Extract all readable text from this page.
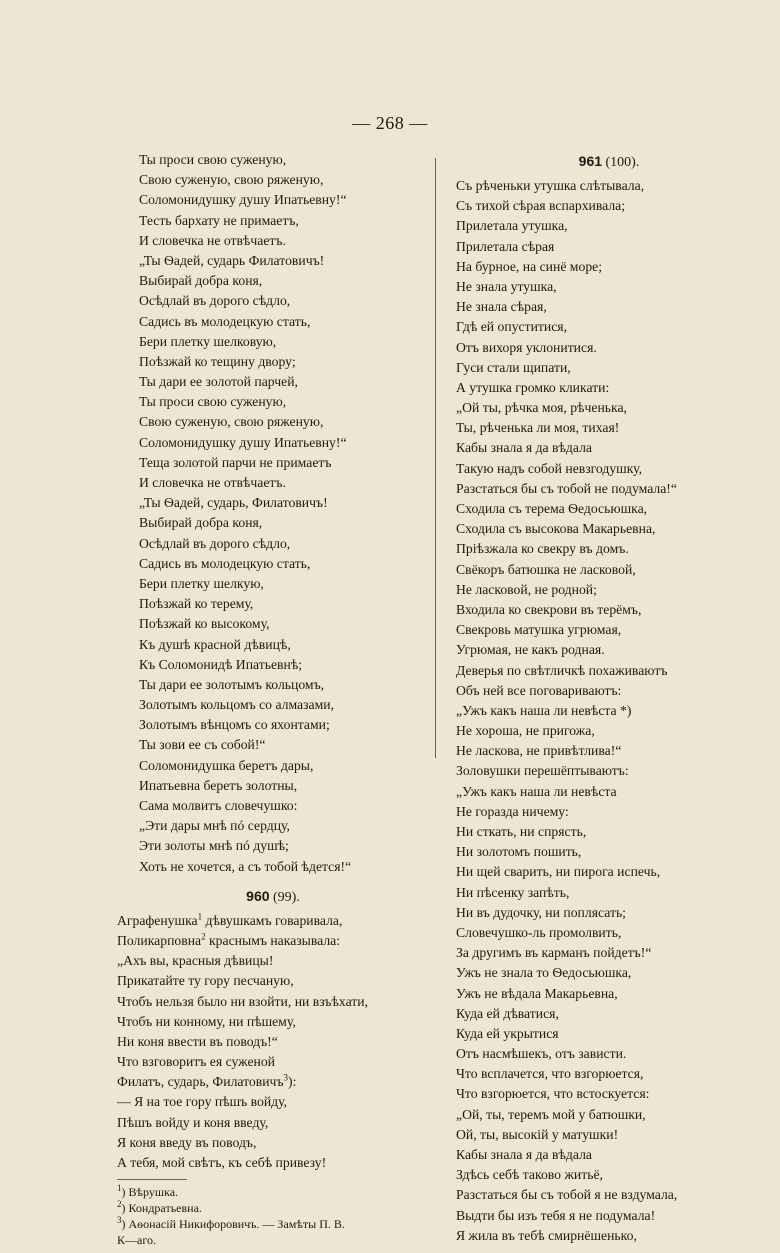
— 268 —
Ты проси свою суженую,
Свою суженую, свою ряженую,
Соломонидушку душу Ипатьевну!“
Тесть бархату не примаетъ,
И словечка не отвѣчаетъ.
„Ты Ѳадей, сударь Филатовичъ!
Выбирай добра коня,
Осѣдлай въ дорого сѣдло,
Садись въ молодецкую стать,
Бери плетку шелковую,
Поѣзжай ко тещину двору;
Ты дари ее золотой парчей,
Ты проси свою суженую,
Свою суженую, свою ряженую,
Соломонидушку душу Ипатьевну!“
Теща золотой парчи не примаетъ
И словечка не отвѣчаетъ.
„Ты Ѳадей, сударь, Филатовичъ!
Выбирай добра коня,
Осѣдлай въ дорого сѣдло,
Садись въ молодецкую стать,
Бери плетку шелкую,
Поѣзжай ко терему,
Поѣзжай ко высокому,
Къ душѣ красной дѣвицѣ,
Къ Соломонидѣ Ипатьевнѣ;
Ты дари ее золотымъ кольцомъ,
Золотымъ кольцомъ со алмазами,
Золотымъ вѣнцомъ со яхонтами;
Ты зови ее съ собой!“
Соломонидушка беретъ дары,
Ипатьевна беретъ золотны,
Сама молвитъ словечушко:
„Эти дары мнѣ пó сердцу,
Эти золоты мнѣ пó душѣ;
Хоть не хочется, а съ тобой ѣдется!“
960 (99).
Аграфенушка$^1$ дѣвушкамъ говаривала,
Поликарповна$^2$ краснымъ наказывала:
„Ахъ вы, красныя дѣвицы!
Прикатайте ту гору песчаную,
Чтобъ нельзя было ни взойти, ни взъѣхати,
Чтобъ ни конному, ни пѣшему,
Ни коня ввести въ поводъ!“
Что взговоритъ ея суженой
Филатъ, сударь, Филатовичъ$^3$):
— Я на тое гору пѣшъ войду,
Пѣшъ войду и коня введу,
Я коня введу въ поводъ,
А тебя, мой свѣтъ, къ себѣ привезу!
$^1$) Вѣрушка.
$^2$) Кондратьевна.
$^3$) Аѳонасій Никифоровичъ. — Замѣты П. В.
К—аго.
961 (100).
Съ рѣченьки утушка слѣтывала,
Съ тихой сѣрая вспархивала;
Прилетала утушка,
Прилетала сѣрая
На бурное, на синё море;
Не знала утушка,
Не знала сѣрая,
Гдѣ ей опуститися,
Отъ вихоря уклонитися.
Гуси стали щипати,
А утушка громко кликати:
„Ой ты, рѣчка моя, рѣченька,
Ты, рѣченька ли моя, тихая!
Кабы знала я да вѣдала
Такую надъ собой невзгодушку,
Разстаться бы съ тобой не подумала!“
Сходила съ терема Ѳедосьюшка,
Сходила съ высокова Макарьевна,
Пріѣзжала ко свекру въ домъ.
Свёкоръ батюшка не ласковой,
Не ласковой, не родной;
Входила ко свекрови въ терёмъ,
Свекровь матушка угрюмая,
Угрюмая, не какъ родная.
Деверья по свѣтличкѣ похаживаютъ
Объ ней все поговариваютъ:
„Ужъ какъ наша ли невѣста *)
Не хороша, не пригожа,
Не ласкова, не привѣтлива!“
Золовушки перешёптываютъ:
„Ужъ какъ наша ли невѣста
Не горазда ничему:
Ни сткать, ни спрясть,
Ни золотомъ пошить,
Ни щей сварить, ни пирога испечь,
Ни пѣсенку запѣть,
Ни въ дудочку, ни поплясать;
Словечушко-ль промолвить,
За другимъ въ карманъ пойдетъ!“
Ужъ не знала то Ѳедосьюшка,
Ужъ не вѣдала Макарьевна,
Куда ей дѣватися,
Куда ей укрытися
Отъ насмѣшекъ, отъ зависти.
Что всплачется, что взгорюется,
Что взгорюется, что встоскуется:
„Ой, ты, теремъ мой у батюшки,
Ой, ты, высокій у матушки!
Кабы знала я да вѣдала
Здѣсь себѣ таково житьё,
Разстаться бы съ тобой я не вздумала,
Выдти бы изъ тебя я не подумала!
Я жила въ тебѣ смирнёшенько,
